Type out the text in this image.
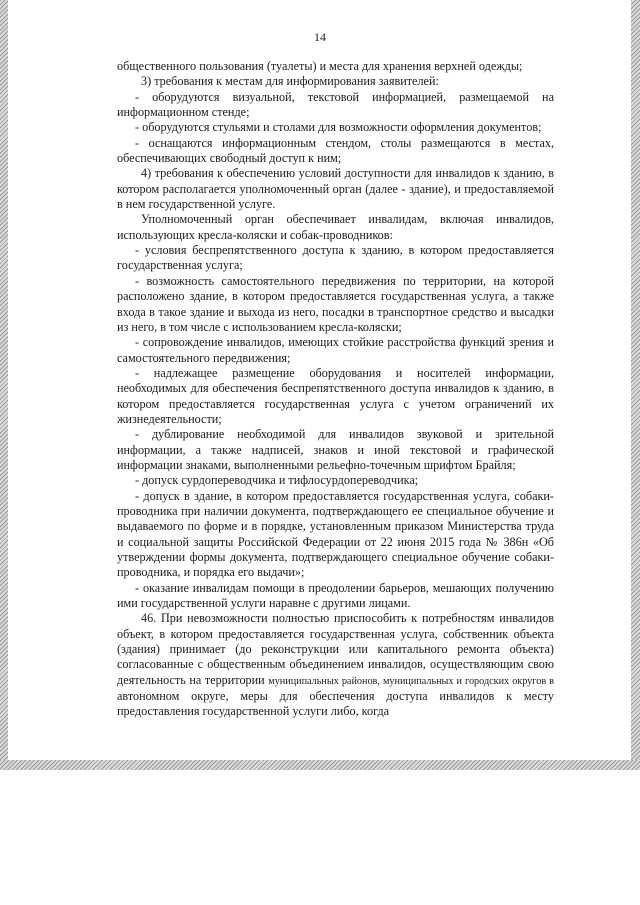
14

общественного пользования (туалеты) и места для хранения верхней одежды;

3) требования к местам для информирования заявителей:

- оборудуются визуальной, текстовой информацией, размещаемой на информационном стенде;

- оборудуются стульями и столами для возможности оформления документов;

- оснащаются информационным стендом, столы размещаются в местах, обеспечивающих свободный доступ к ним;

4) требования к обеспечению условий доступности для инвалидов к зданию, в котором располагается уполномоченный орган (далее - здание), и предоставляемой в нем государственной услуге.

Уполномоченный орган обеспечивает инвалидам, включая инвалидов, использующих кресла-коляски и собак-проводников:

- условия беспрепятственного доступа к зданию, в котором предоставляется государственная услуга;

- возможность самостоятельного передвижения по территории, на которой расположено здание, в котором предоставляется государственная услуга, а также входа в такое здание и выхода из него, посадки в транспортное средство и высадки из него, в том числе с использованием кресла-коляски;

- сопровождение инвалидов, имеющих стойкие расстройства функций зрения и самостоятельного передвижения;

- надлежащее размещение оборудования и носителей информации, необходимых для обеспечения беспрепятственного доступа инвалидов к зданию, в котором предоставляется государственная услуга с учетом ограничений их жизнедеятельности;

- дублирование необходимой для инвалидов звуковой и зрительной информации, а также надписей, знаков и иной текстовой и графической информации знаками, выполненными рельефно-точечным шрифтом Брайля;

- допуск сурдопереводчика и тифлосурдопереводчика;

- допуск в здание, в котором предоставляется государственная услуга, собаки-проводника при наличии документа, подтверждающего ее специальное обучение и выдаваемого по форме и в порядке, установленным приказом Министерства труда и социальной защиты Российской Федерации от 22 июня 2015 года № 386н «Об утверждении формы документа, подтверждающего специальное обучение собаки-проводника, и порядка его выдачи»;

- оказание инвалидам помощи в преодолении барьеров, мешающих получению ими государственной услуги наравне с другими лицами.

46. При невозможности полностью приспособить к потребностям инвалидов объект, в котором предоставляется государственная услуга, собственник объекта (здания) принимает (до реконструкции или капитального ремонта объекта) согласованные с общественным объединением инвалидов, осуществляющим свою деятельность на территории муниципальных районов, муниципальных и городских округов в автономном округе, меры для обеспечения доступа инвалидов к месту предоставления государственной услуги либо, когда
